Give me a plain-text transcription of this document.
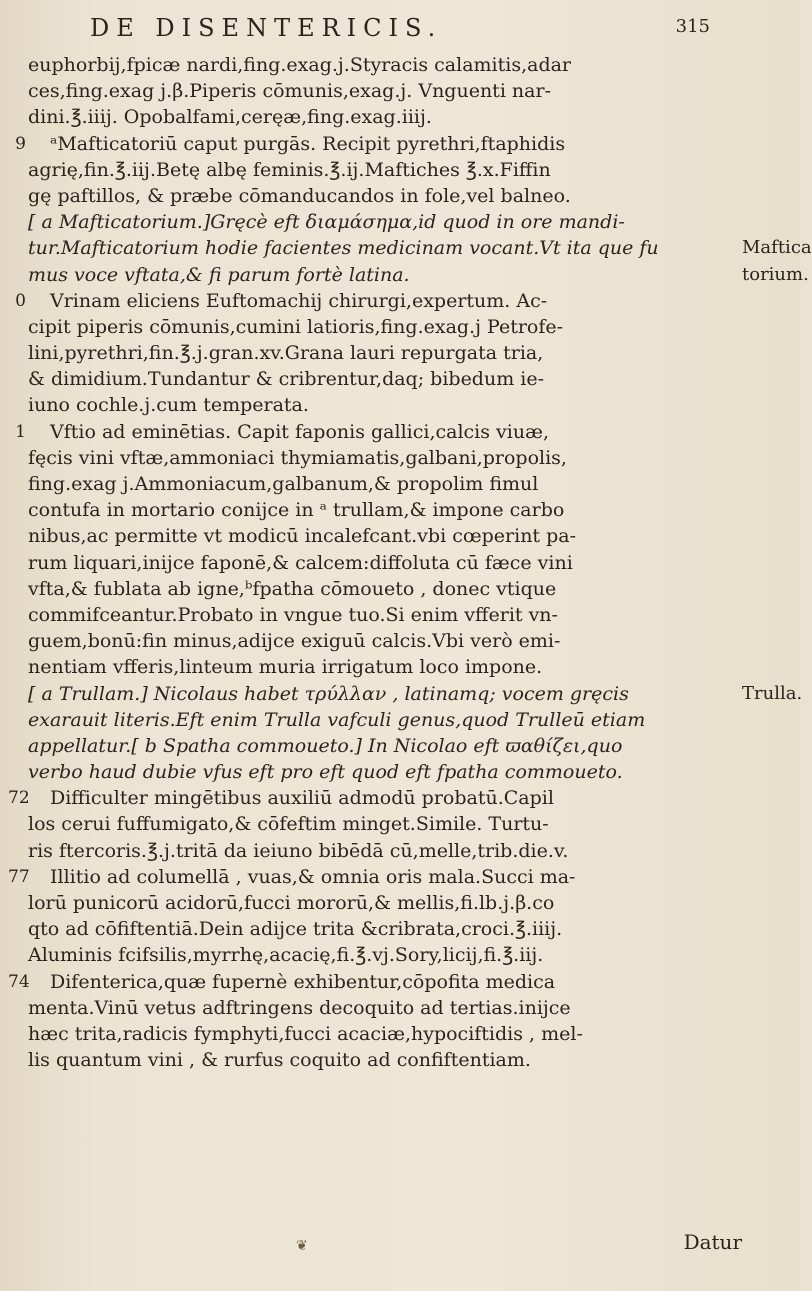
DE DISENTERICIS.	315
euphorbij,fpicæ nardi,fing.exag.j.Styracis calamitis,adar
ces,fing.exag j.β.Piperis cōmunis,exag.j. Vnguenti nar-
dini.℥.iiij. Opobalfami,ceręæ,fing.exag.iiij.
9 ᵃMafticatoriū caput purgās. Recipit pyrethri,ftaphidis
agrię,fin.℥.iij.Betę albę feminis.℥.ij.Maftiches ℥.x.Fiffin
gę paftillos, & præbe cōmanducandos in fole,vel balneo.
[ a Mafticatorium.]Gręcè eft διαμάσημα,id quod in ore mandi-
tur.Mafticatorium hodie facientes medicinam vocant.Vt ita que fu
mus voce vftata,& fi parum fortè latina.
0 Vrinam eliciens Euftomachij chirurgi,expertum. Ac-
cipit piperis cōmunis,cumini latioris,fing.exag.j Petrofe-
lini,pyrethri,fin.℥.j.gran.xv.Grana lauri repurgata tria,
& dimidium.Tundantur & cribrentur,daq; bibedum ie-
iuno cochle.j.cum temperata.
1 Vftio ad eminētias. Capit faponis gallici,calcis viuæ,
fęcis vini vftæ,ammoniaci thymiamatis,galbani,propolis,
fing.exag j.Ammoniacum,galbanum,& propolim fimul
contufa in mortario conijce in ᵃ trullam,& impone carbo
nibus,ac permitte vt modicū incalefcant.vbi cœperint pa-
rum liquari,inijce faponē,& calcem:diffoluta cū fæce vini
vfta,& fublata ab igne,ᵇfpatha cōmoueto , donec vtique
commifceantur.Probato in vngue tuo.Si enim vfferit vn-
guem,bonū:fin minus,adijce exiguū calcis.Vbi verò emi-
nentiam vfferis,linteum muria irrigatum loco impone.
[ a Trullam.] Nicolaus habet τρύλλαν , latinamq; vocem gręcis
exarauit literis.Eft enim Trulla vafculi genus,quod Trulleū etiam
appellatur.[ b Spatha commoueto.] In Nicolao eft ϖαθίζει,quo
verbo haud dubie vfus eft pro eft quod eft fpatha commoueto.
72 Difficulter mingētibus auxiliū admodū probatū.Capil
los cerui fuffumigato,& cōfeftim minget.Simile. Turtu-
ris ftercoris.℥.j.tritā da ieiuno bibēdā cū,melle,trib.die.v.
77 Illitio ad columellā , vuas,& omnia oris mala.Succi ma-
lorū punicorū acidorū,fucci mororū,& mellis,fi.lb.j.β.co
qto ad cōfiftentiā.Dein adijce trita &cribrata,croci.℥.iiij.
Aluminis fcifsilis,myrrhę,acacię,fi.℥.vj.Sory,licij,fi.℥.iij.
74 Difenterica,quæ fupernè exhibentur,cōpofita medica
menta.Vinū vetus adftringens decoquito ad tertias.inijce
hæc trita,radicis fymphyti,fucci acaciæ,hypociftidis , mel-
lis quantum vini , & rurfus coquito ad confiftentiam.
Maftica
torium.
Trulla.
❦	Datur
